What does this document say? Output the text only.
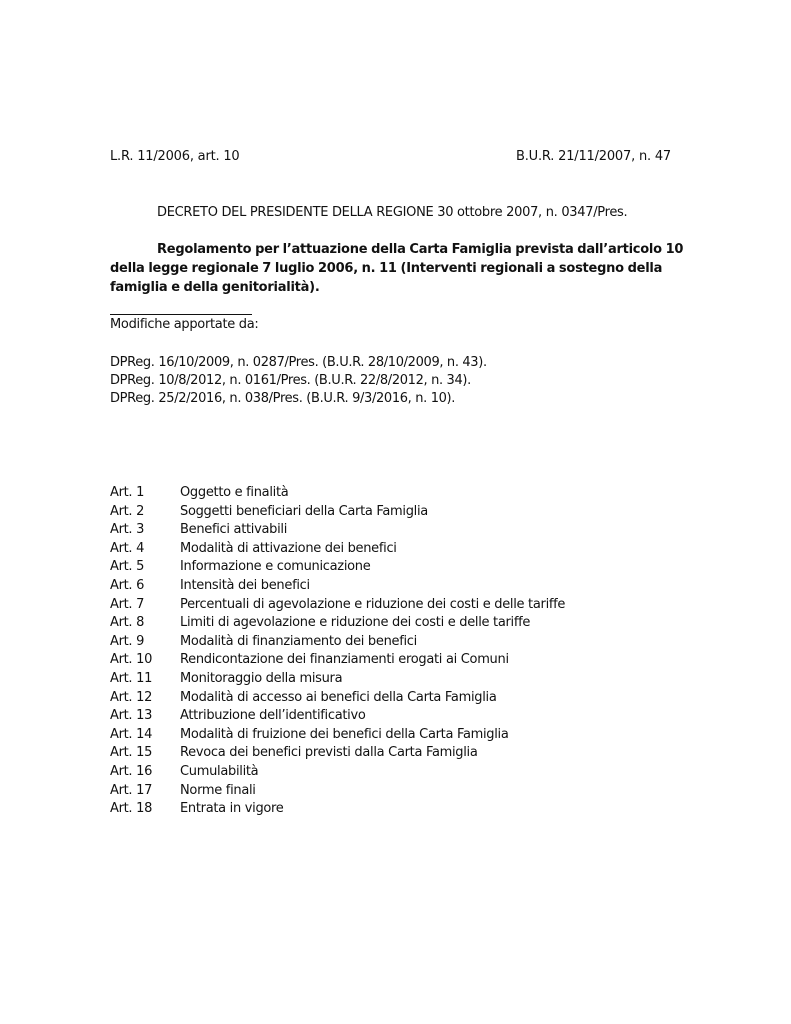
L.R. 11/2006, art. 10	B.U.R. 21/11/2007, n. 47
DECRETO DEL PRESIDENTE DELLA REGIONE 30 ottobre 2007, n. 0347/Pres.
Regolamento per l’attuazione della Carta Famiglia prevista dall’articolo 10 della legge regionale 7 luglio 2006, n. 11 (Interventi regionali a sostegno della famiglia e della genitorialità).
Modifiche apportate da:
DPReg. 16/10/2009, n. 0287/Pres. (B.U.R. 28/10/2009, n. 43).
DPReg. 10/8/2012, n. 0161/Pres. (B.U.R. 22/8/2012, n. 34).
DPReg. 25/2/2016, n. 038/Pres. (B.U.R. 9/3/2016, n. 10).
Art. 1	Oggetto e finalità
Art. 2	Soggetti beneficiari della Carta Famiglia
Art. 3	Benefici attivabili
Art. 4	Modalità di attivazione dei benefici
Art. 5	Informazione e comunicazione
Art. 6	Intensità dei benefici
Art. 7	Percentuali di agevolazione e riduzione dei costi e delle tariffe
Art. 8	Limiti di agevolazione e riduzione dei costi e delle tariffe
Art. 9	Modalità di finanziamento dei benefici
Art. 10 Rendicontazione dei finanziamenti erogati ai Comuni
Art. 11 Monitoraggio della misura
Art. 12 Modalità di accesso ai benefici della Carta Famiglia
Art. 13 Attribuzione dell’identificativo
Art. 14 Modalità di fruizione dei benefici della Carta Famiglia
Art. 15 Revoca dei benefici previsti dalla Carta Famiglia
Art. 16 Cumulabilità
Art. 17 Norme finali
Art. 18 Entrata in vigore
